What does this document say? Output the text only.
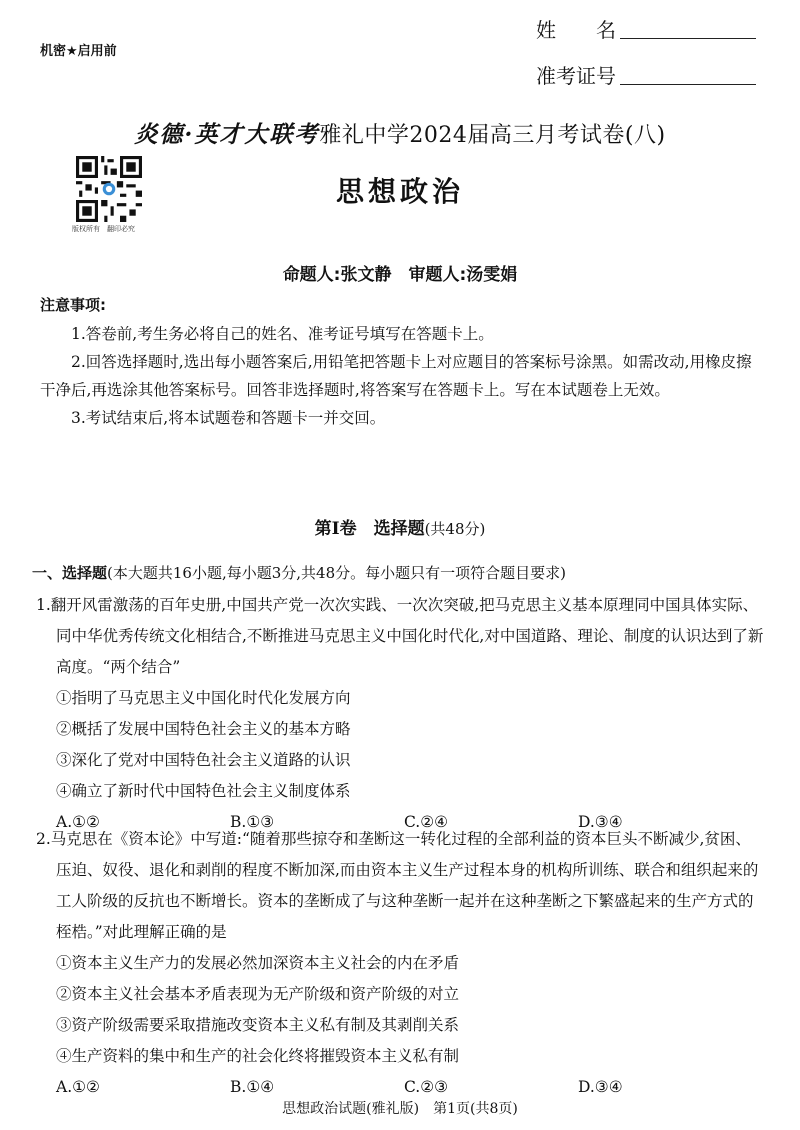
机密★启用前
姓　　名
准考证号
炎德·英才大联考雅礼中学2024届高三月考试卷(八)
版权所有　翻印必究
思想政治
命题人:张文静　审题人:汤雯娟
注意事项:

1.答卷前,考生务必将自己的姓名、准考证号填写在答题卡上。

2.回答选择题时,选出每小题答案后,用铅笔把答题卡上对应题目的答案标号涂黑。如需改动,用橡皮擦干净后,再选涂其他答案标号。回答非选择题时,将答案写在答题卡上。写在本试题卷上无效。

3.考试结束后,将本试题卷和答题卡一并交回。

第Ⅰ卷　选择题(共48分)
一、选择题(本大题共16小题,每小题3分,共48分。每小题只有一项符合题目要求)
1.翻开风雷激荡的百年史册,中国共产党一次次实践、一次次突破,把马克思主义基本原理同中国具体实际、同中华优秀传统文化相结合,不断推进马克思主义中国化时代化,对中国道路、理论、制度的认识达到了新高度。“两个结合”
①指明了马克思主义中国化时代化发展方向
②概括了发展中国特色社会主义的基本方略
③深化了党对中国特色社会主义道路的认识
④确立了新时代中国特色社会主义制度体系
A.①②	B.①③	C.②④	D.③④
2.马克思在《资本论》中写道:“随着那些掠夺和垄断这一转化过程的全部利益的资本巨头不断减少,贫困、压迫、奴役、退化和剥削的程度不断加深,而由资本主义生产过程本身的机构所训练、联合和组织起来的工人阶级的反抗也不断增长。资本的垄断成了与这种垄断一起并在这种垄断之下繁盛起来的生产方式的桎梏。”对此理解正确的是
①资本主义生产力的发展必然加深资本主义社会的内在矛盾
②资本主义社会基本矛盾表现为无产阶级和资产阶级的对立
③资产阶级需要采取措施改变资本主义私有制及其剥削关系
④生产资料的集中和生产的社会化终将摧毁资本主义私有制
A.①②	B.①④	C.②③	D.③④
思想政治试题(雅礼版)　第1页(共8页)
